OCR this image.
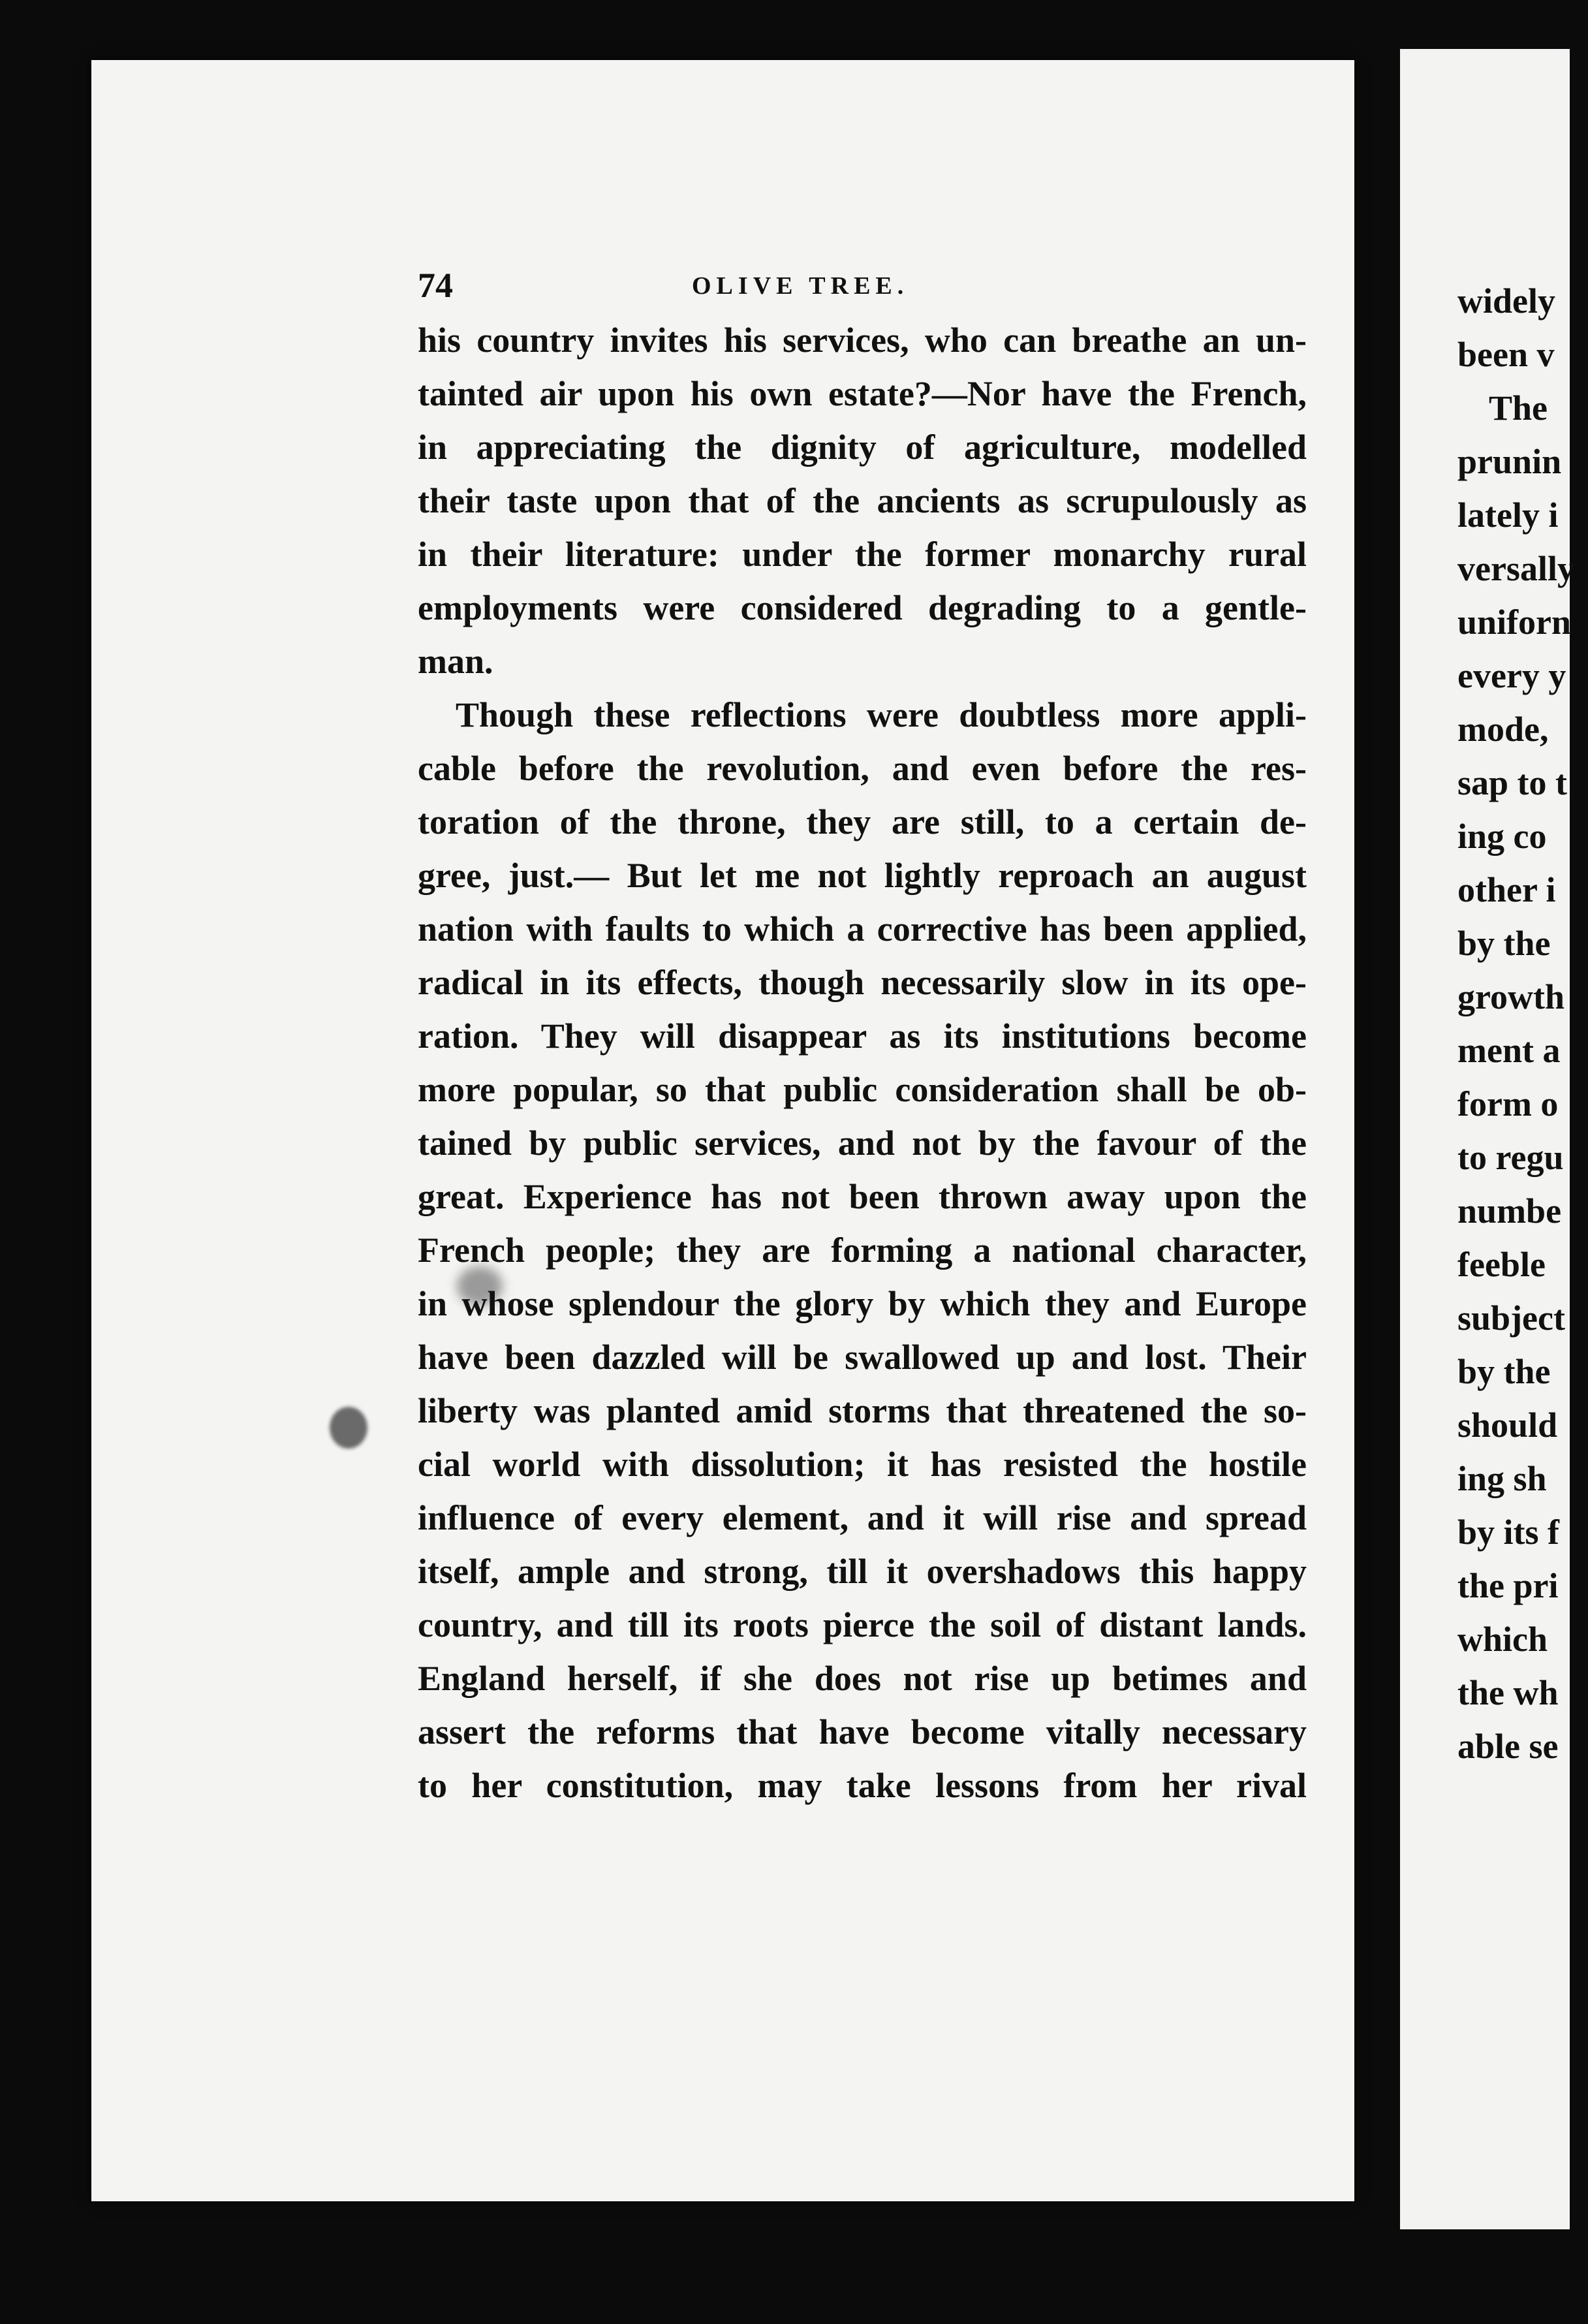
74	OLIVE TREE.
his country invites his services, who can breathe an un-
tainted air upon his own estate?—Nor have the French,
in appreciating the dignity of agriculture, modelled
their taste upon that of the ancients as scrupulously as
in their literature: under the former monarchy rural
employments were considered degrading to a gentle-
man.
Though these reflections were doubtless more appli-
cable before the revolution, and even before the res-
toration of the throne, they are still, to a certain de-
gree, just.— But let me not lightly reproach an august
nation with faults to which a corrective has been applied,
radical in its effects, though necessarily slow in its ope-
ration. They will disappear as its institutions become
more popular, so that public consideration shall be ob-
tained by public services, and not by the favour of the
great. Experience has not been thrown away upon the
French people; they are forming a national character,
in whose splendour the glory by which they and Europe
have been dazzled will be swallowed up and lost. Their
liberty was planted amid storms that threatened the so-
cial world with dissolution; it has resisted the hostile
influence of every element, and it will rise and spread
itself, ample and strong, till it overshadows this happy
country, and till its roots pierce the soil of distant lands.
England herself, if she does not rise up betimes and
assert the reforms that have become vitally necessary
to her constitution, may take lessons from her rival
widely
been v
The
prunin
lately i
versally
uniforn
every y
mode,
sap to t
ing co
other i
by the
growth
ment a
form o
to regu
numbe
feeble
subject
by the
should
ing sh
by its f
the pri
which
the wh
able se
